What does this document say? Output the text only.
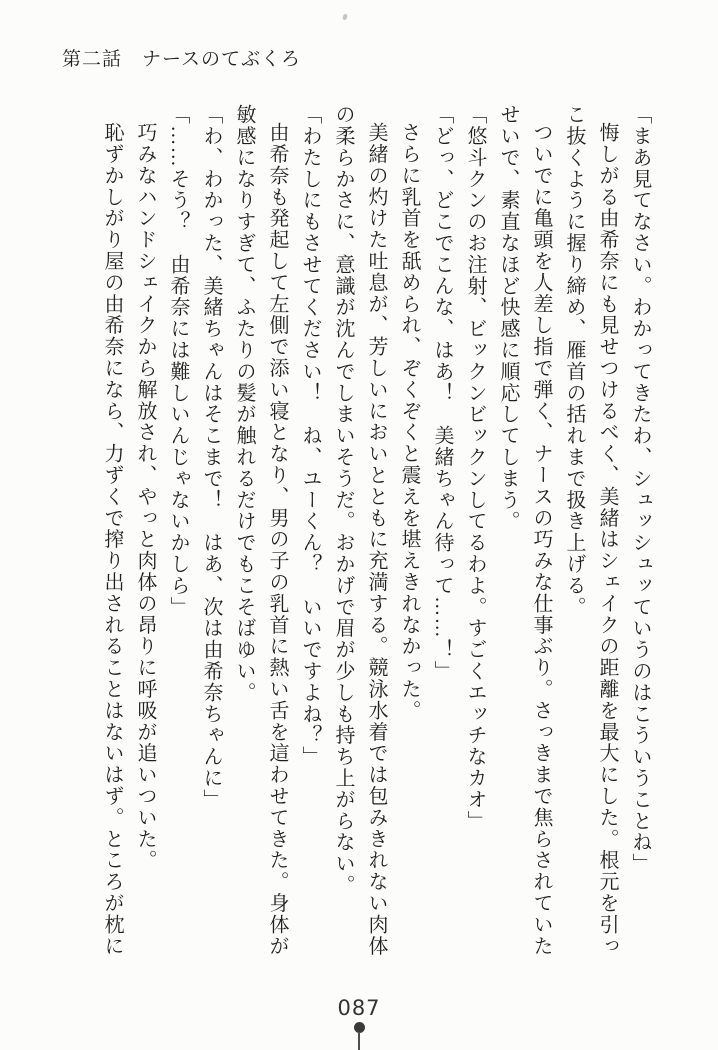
第二話　ナースのてぶくろ
「まあ見てなさい。わかってきたわ、シュッシュッていうのはこういうことね」
悔しがる由希奈にも見せつけるべく、美緒はシェイクの距離を最大にした。根元を引っ
こ抜くように握り締め、雁首の括れまで扱き上げる。
ついでに亀頭を人差し指で弾く、ナースの巧みな仕事ぶり。さっきまで焦らされていた
せいで、素直なほど快感に順応してしまう。
「悠斗クンのお注射、ビックンビックンしてるわよ。すごくエッチなカオ」
「どっ、どこでこんな、はあ！　美緒ちゃん待って……！」
さらに乳首を舐められ、ぞくぞくと震えを堪えきれなかった。
美緒の灼けた吐息が、芳しいにおいとともに充満する。競泳水着では包みきれない肉体
の柔らかさに、意識が沈んでしまいそうだ。おかげで眉が少しも持ち上がらない。
「わたしにもさせてください！　ね、ユーくん？　いいですよね？」
由希奈も発起して左側で添い寝となり、男の子の乳首に熱い舌を這わせてきた。身体が
敏感になりすぎて、ふたりの髪が触れるだけでもこそばゆい。
「わ、わかった、美緒ちゃんはそこまで！　はあ、次は由希奈ちゃんに」
「……そう？　由希奈には難しいんじゃないかしら」
巧みなハンドシェイクから解放され、やっと肉体の昂りに呼吸が追いついた。
恥ずかしがり屋の由希奈になら、力ずくで搾り出されることはないはず。ところが枕に
087
